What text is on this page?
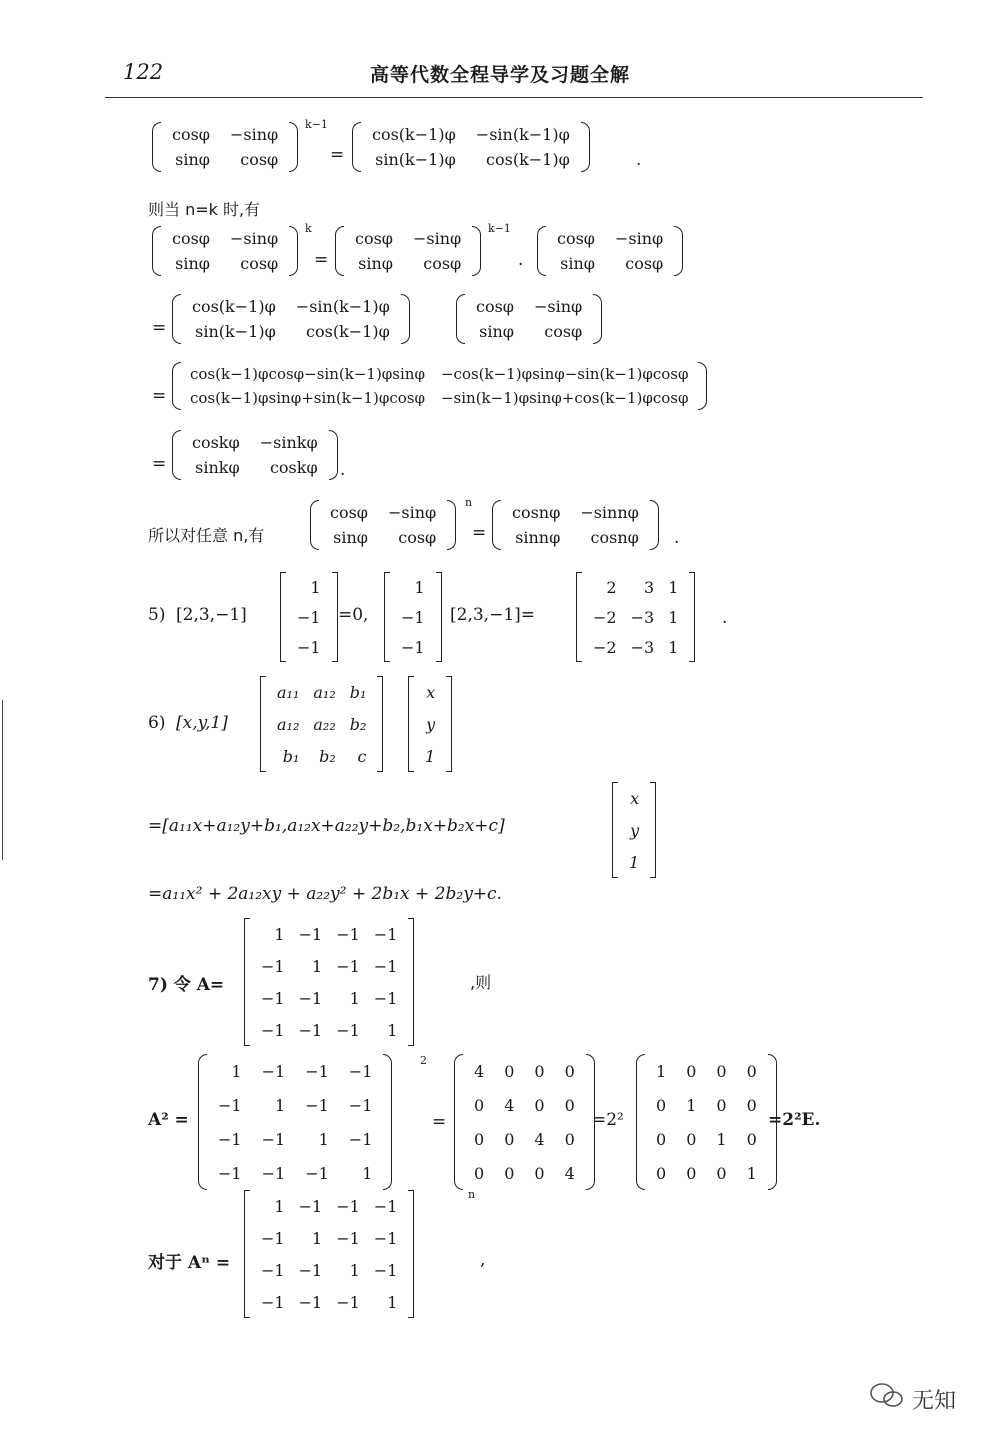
122	高等代数全程导学及习题全解
cosφ	−sinφ
sinφ	cosφ
k−1
=
cos(k−1)φ	−sin(k−1)φ
sin(k−1)φ	cos(k−1)φ	.
则当 n=k 时,有
cosφ	−sinφ
sinφ	cosφ
k
=
cosφ	−sinφ
sinφ	cosφ
k−1
·
cosφ	−sinφ
sinφ	cosφ
=
cos(k−1)φ	−sin(k−1)φ
sin(k−1)φ	cos(k−1)φ
cosφ	−sinφ
sinφ	cosφ
=
cos(k−1)φcosφ−sin(k−1)φsinφ	−cos(k−1)φsinφ−sin(k−1)φcosφ
cos(k−1)φsinφ+sin(k−1)φcosφ	−sin(k−1)φsinφ+cos(k−1)φcosφ
=
coskφ	−sinkφ
sinkφ	coskφ .
所以对任意 n,有
cosφ	−sinφ
sinφ	cosφ
n
=
cosnφ	−sinnφ
sinnφ	cosnφ .
5) [2,3,−1]
1
−1
−1
=0,
1
−1
−1
[2,3,−1]=
2	3	1
−2	−3	1
−2	−3	1
.
6) [x,y,1]
a₁₁	a₁₂	b₁
a₁₂	a₂₂	b₂
b₁	b₂	c
x
y
1
=[a₁₁x+a₁₂y+b₁,a₁₂x+a₂₂y+b₂,b₁x+b₂x+c]
x
y
1
=a₁₁x² + 2a₁₂xy + a₂₂y² + 2b₁x + 2b₂y+c.
7) 令 A=
1	−1	−1	−1
−1	1	−1	−1
−1	−1	1	−1
−1	−1	−1	1
,则
A² =
1	−1	−1	−1
−1	1	−1	−1
−1	−1	1	−1
−1	−1	−1	1
2
=
4	0	0	0
0	4	0	0
0	0	4	0
0	0	0	4
=2²
1	0	0	0
0	1	0	0
0	0	1	0
0	0	0	1
=2²E.
对于 Aⁿ =
1	−1	−1	−1
−1	1	−1	−1
−1	−1	1	−1
−1	−1	−1	1
n
,
无知
